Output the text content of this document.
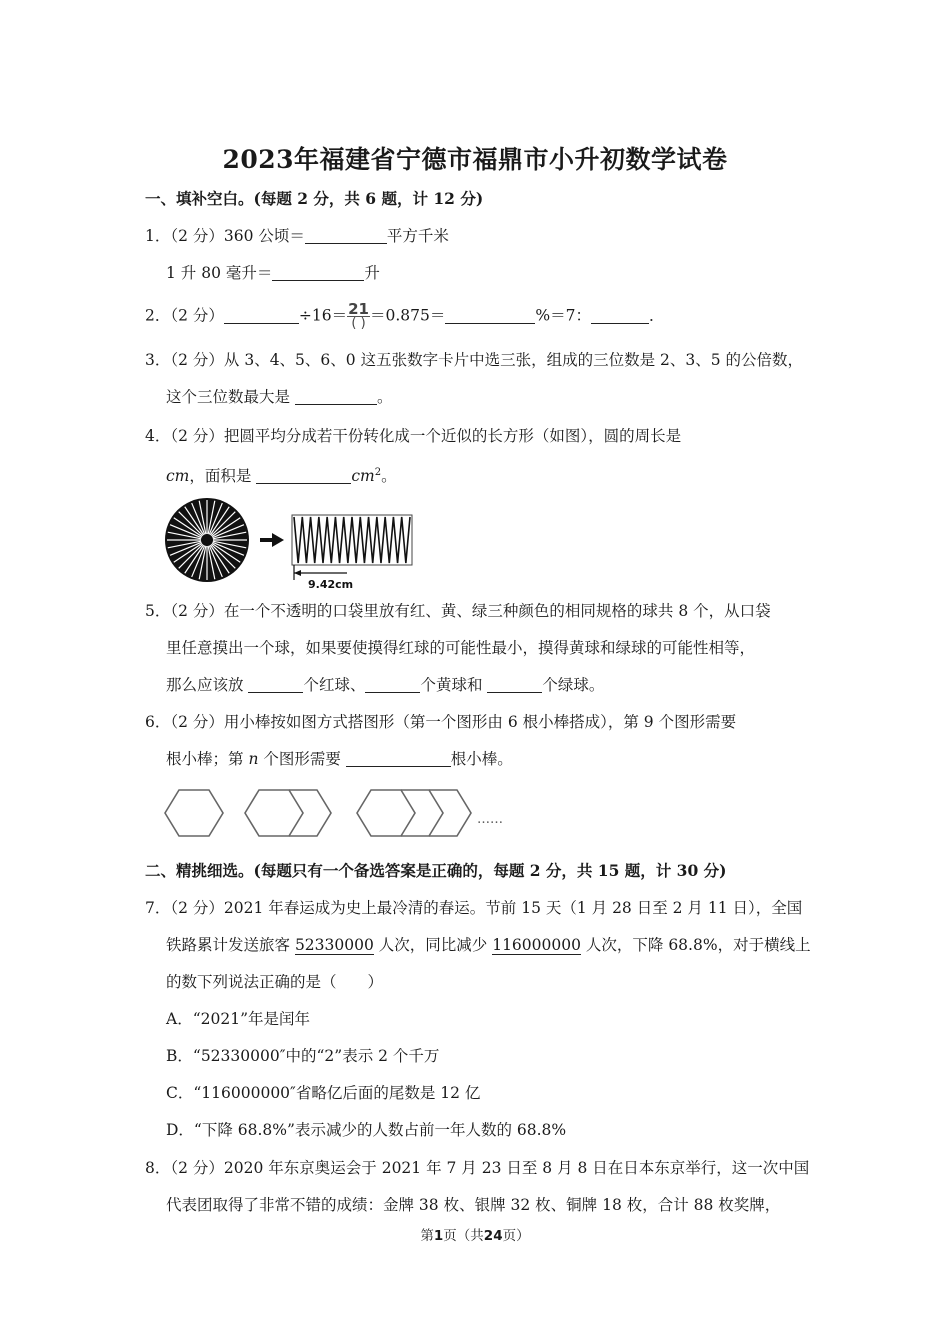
2023年福建省宁德市福鼎市小升初数学试卷
一、填补空白。(每题 2 分，共 6 题，计 12 分)
1．（2 分）360 公顷＝	平方千米
1 升 80 毫升＝	升
2．（2 分）	$\div 16= \frac{21}{( )} =0.875=$	%＝7：	．
3．（2 分）从 3、4、5、6、0 这五张数字卡片中选三张，组成的三位数是 2、3、5 的公倍数，
这个三位数最大是	。
4．（2 分）把圆平均分成若干份转化成一个近似的长方形（如图），圆的周长是
cm，面积是	$cm^2$。
9.42cm
5．（2 分）在一个不透明的口袋里放有红、黄、绿三种颜色的相同规格的球共 8 个，从口袋
里任意摸出一个球，如果要使摸得红球的可能性最小，摸得黄球和绿球的可能性相等，
那么应该放	个红球、	个黄球和	个绿球。
6．（2 分）用小棒按如图方式搭图形（第一个图形由 6 根小棒搭成），第 9 个图形需要
根小棒；第 n 个图形需要	根小棒。
……
二、精挑细选。(每题只有一个备选答案是正确的，每题 2 分，共 15 题，计 30 分)
7．（2 分）2021 年春运成为史上最冷清的春运。节前 15 天（1 月 28 日至 2 月 11 日），全国
铁路累计发送旅客 52330000 人次，同比减少 116000000 人次，下降 68.8%，对于横线上
的数下列说法正确的是（　　）
A．“2021”年是闰年
B．“52330000″中的“2”表示 2 个千万
C．“116000000″省略亿后面的尾数是 12 亿
D．“下降 68.8%”表示减少的人数占前一年人数的 68.8%
8．（2 分）2020 年东京奥运会于 2021 年 7 月 23 日至 8 月 8 日在日本东京举行，这一次中国
代表团取得了非常不错的成绩：金牌 38 枚、银牌 32 枚、铜牌 18 枚，合计 88 枚奖牌，
第1页（共24页）
